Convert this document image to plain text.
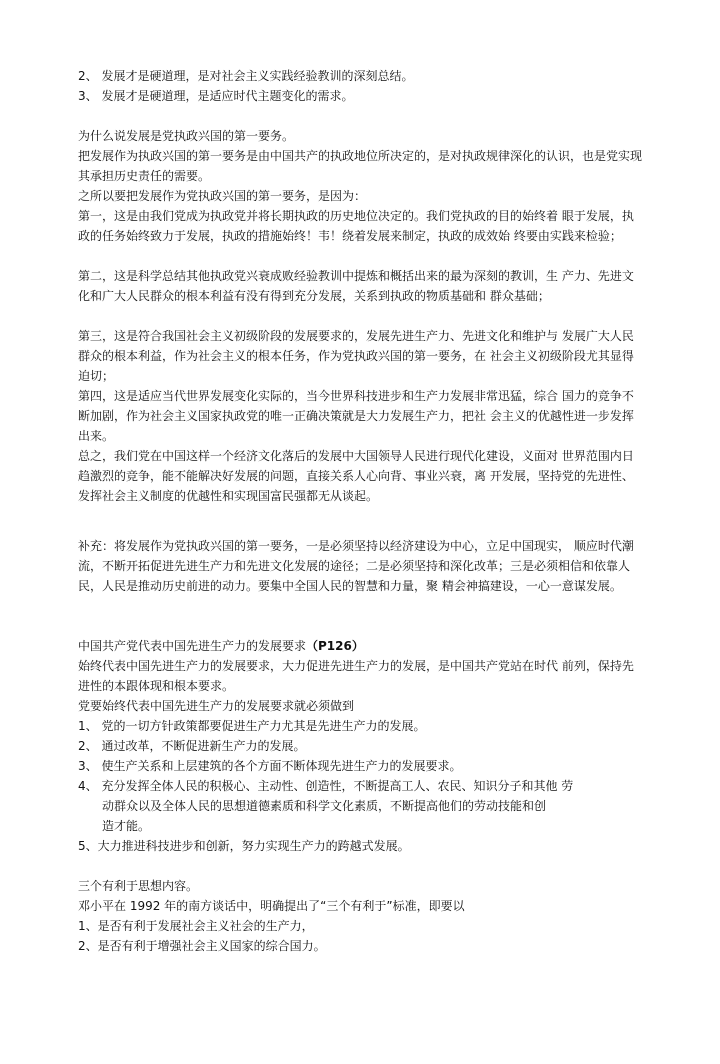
2、 发展才是硬道理，是对社会主义实践经验教训的深刻总结。
3、 发展才是硬道理，是适应时代主题变化的需求。
为什么说发展是党执政兴国的第一要务。
把发展作为执政兴国的第一要务是由中国共产的执政地位所决定的，是对执政规律深化的认识，也是党实现其承担历史责任的需要。
之所以要把发展作为党执政兴国的第一要务，是因为：
第一，这是由我们党成为执政党并将长期执政的历史地位决定的。我们党执政的目的始终着 眼于发展，执政的任务始终致力于发展，执政的措施始终！韦！绕着发展来制定，执政的成效始 终要由实践来检验；
第二，这是科学总结其他执政党兴衰成败经验教训中提炼和概括出来的最为深刻的教训，生 产力、先进文化和广大人民群众的根本利益有没有得到充分发展，关系到执政的物质基础和 群众基础；
第三，这是符合我国社会主义初级阶段的发展要求的，发展先进生产力、先进文化和维护与 发展广大人民群众的根本利益，作为社会主义的根本任务，作为党执政兴国的第一要务，在 社会主义初级阶段尤其显得迫切；
第四，这是适应当代世界发展变化实际的，当今世界科技进步和生产力发展非常迅猛，综合 国力的竞争不断加剧，作为社会主义国家执政党的唯一正确决策就是大力发展生产力，把社 会主义的优越性进一步发挥出来。
总之，我们党在中国这样一个经济文化落后的发展中大国领导人民进行现代化建设，义面对 世界范围内日趋激烈的竞争，能不能解决好发展的问题，直接关系人心向背、事业兴衰，离 开发展，坚持党的先进性、发挥社会主义制度的优越性和实现国富民强都无从谈起。
补充：将发展作为党执政兴国的第一要务，一是必须坚持以经济建设为中心，立足中国现实， 顺应时代潮流，不断开拓促进先进生产力和先进文化发展的途径；二是必须坚持和深化改革；三是必须相信和依靠人民，人民是推动历史前进的动力。要集中全国人民的智慧和力量，聚 精会神搞建设，一心一意谋发展。
中国共产党代表中国先进生产力的发展要求（P126）
始终代表中国先进生产力的发展要求，大力促进先进生产力的发展，是中国共产党站在时代 前列，保持先进性的本跟体现和根本要求。
党要始终代表中国先进生产力的发展要求就必须做到
1、 党的一切方针政策都要促进生产力尤其是先进生产力的发展。
2、 通过改革，不断促进新生产力的发展。
3、 使生产关系和上层建筑的各个方面不断体现先进生产力的发展要求。
4、 充分发挥全体人民的积极心、主动性、创造性，不断提高工人、农民、知识分子和其他 劳
动群众以及全体人民的思想道德素质和科学文化素质，不断提高他们的劳动技能和创
造才能。
5、大力推进科技进步和创新，努力实现生产力的跨越式发展。
三个有利于思想内容。
邓小平在 1992 年的南方谈话中，明确提出了“三个有利于”标准，即要以
1、是否有利于发展社会主义社会的生产力，
2、是否有利于增强社会主义国家的综合国力。
